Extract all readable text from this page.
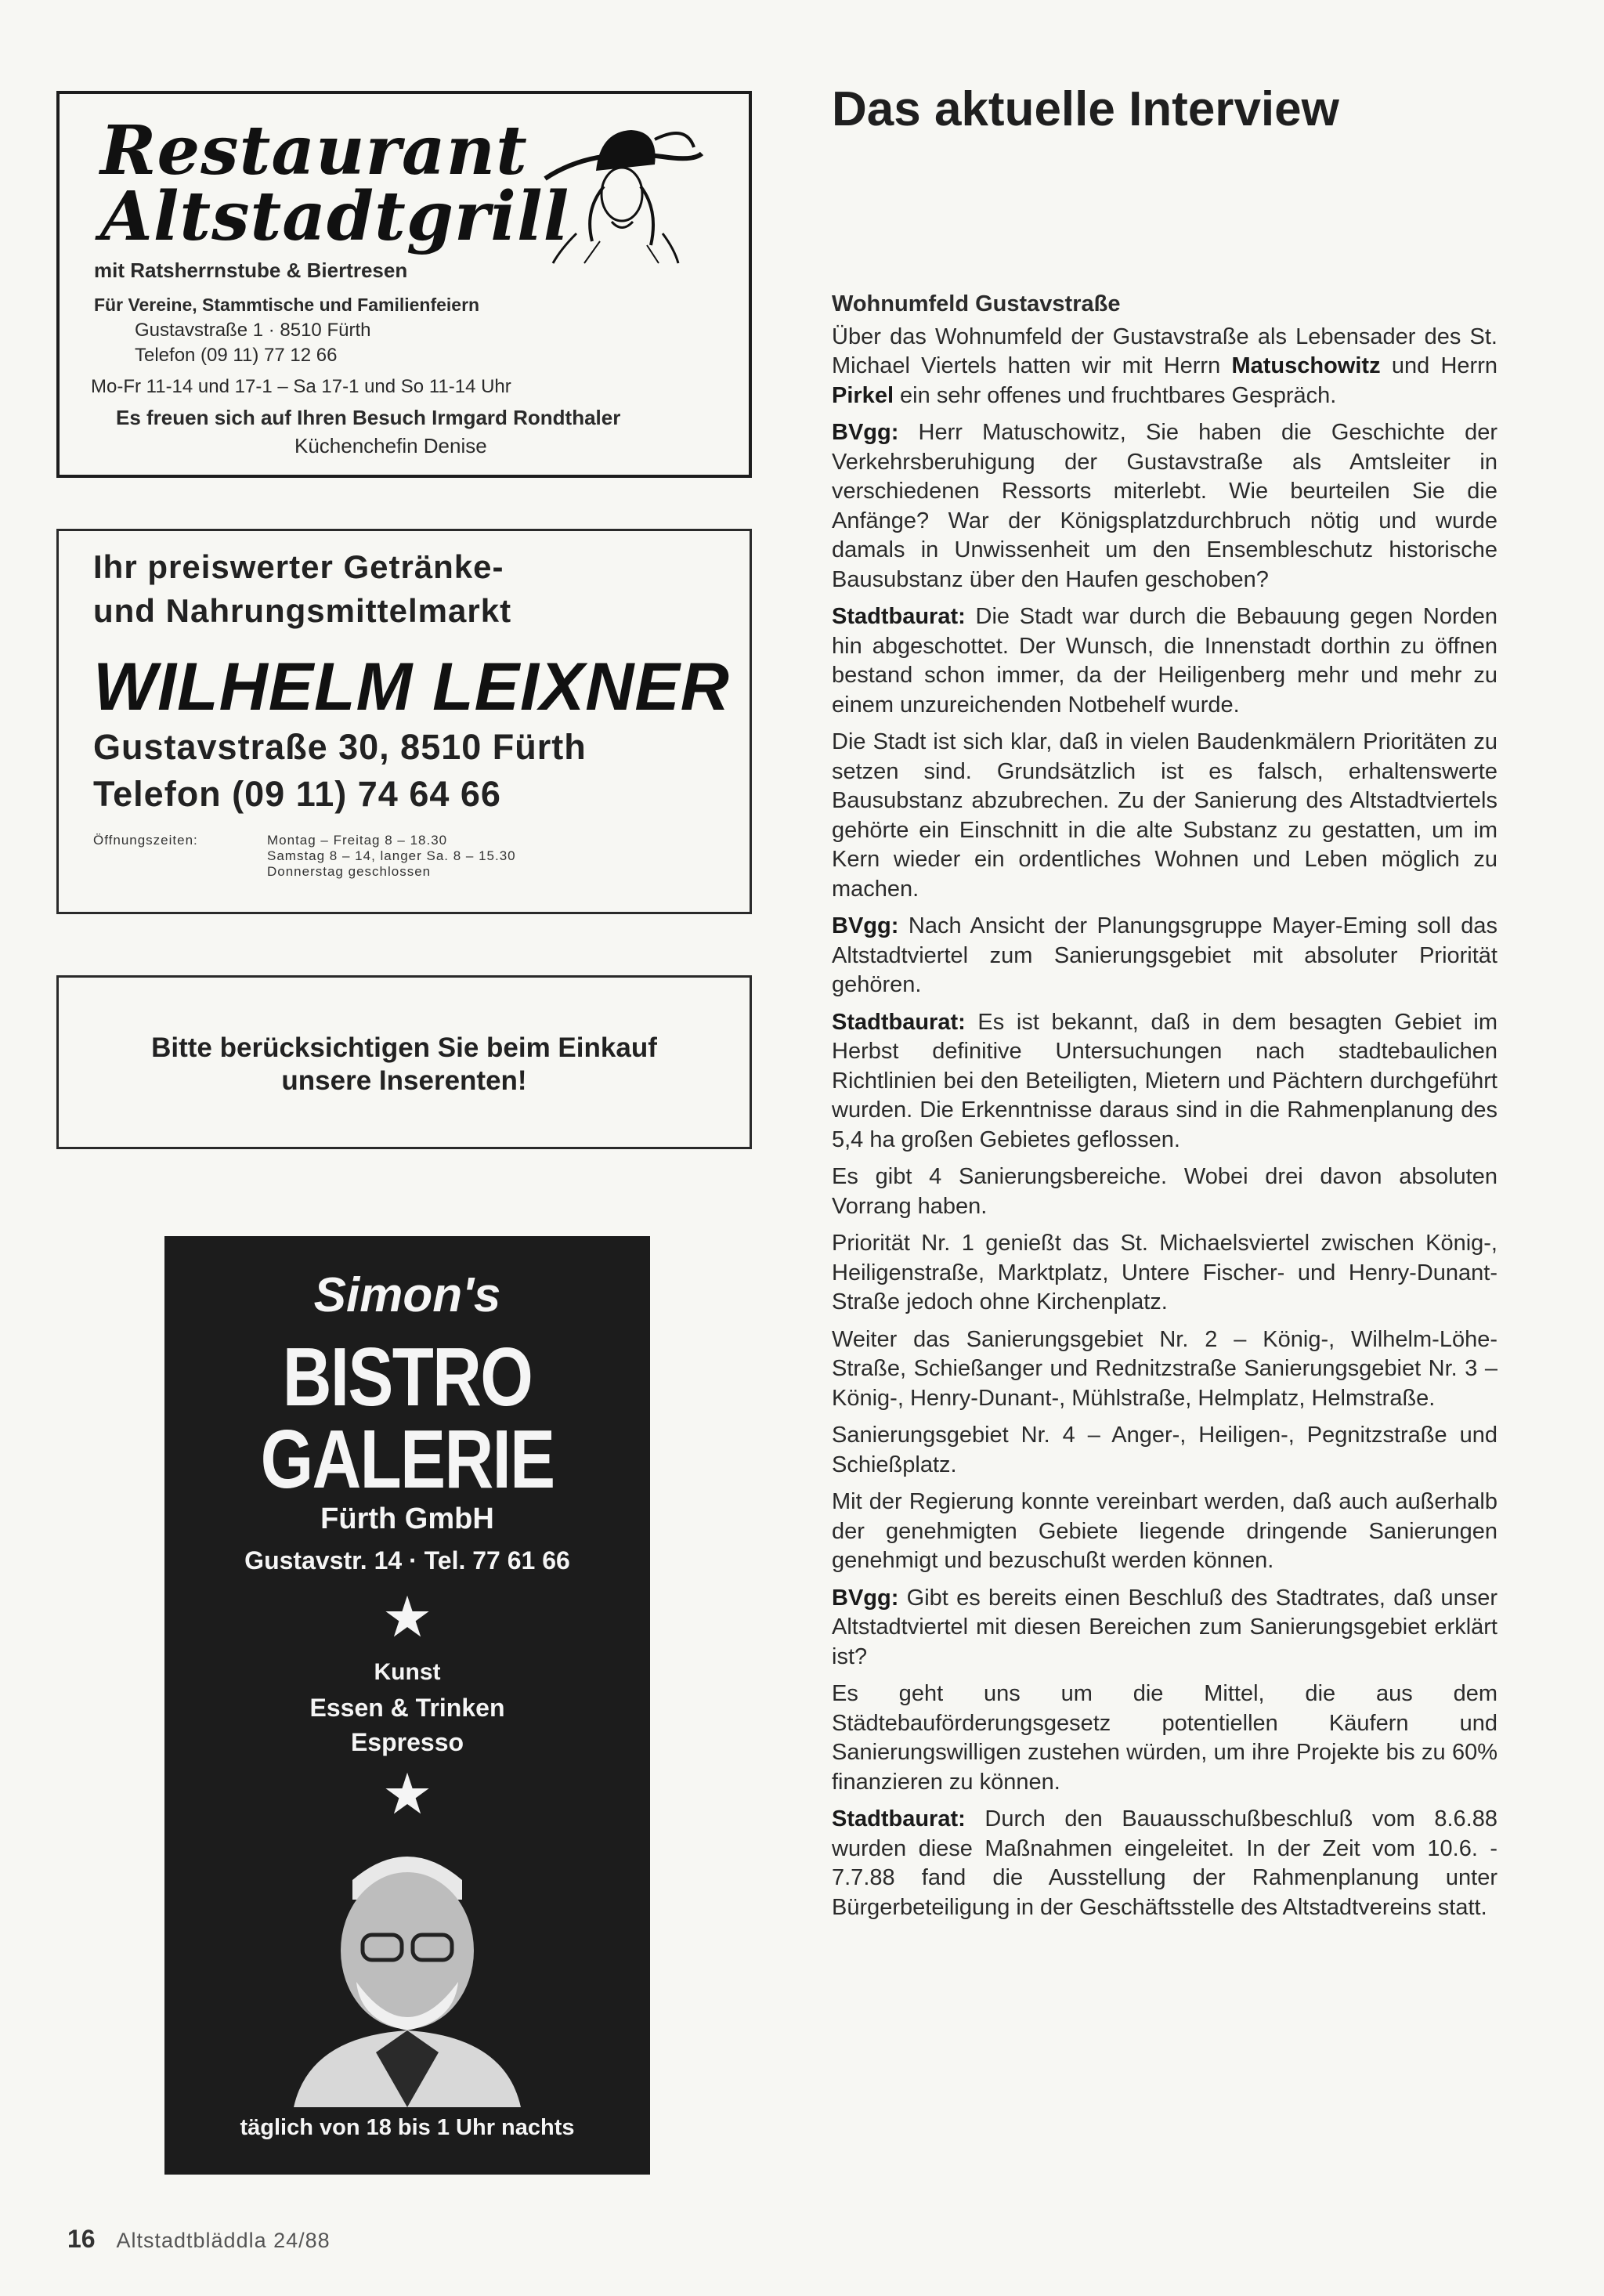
Restaurant
Altstadtgrill
mit Ratsherrnstube & Biertresen
Für Vereine, Stammtische und Familienfeiern
Gustavstraße 1 · 8510 Fürth
Telefon (09 11) 77 12 66
Mo-Fr 11-14 und 17-1 – Sa 17-1 und So 11-14 Uhr
Es freuen sich auf Ihren Besuch Irmgard Rondthaler
Küchenchefin Denise
Ihr preiswerter Getränke-
und Nahrungsmittelmarkt
WILHELM LEIXNER
Gustavstraße 30, 8510 Fürth
Telefon (09 11) 74 64 66
Öffnungszeiten:	Montag – Freitag 8 – 18.30
Samstag 8 – 14, langer Sa. 8 – 15.30
Donnerstag geschlossen
Bitte berücksichtigen Sie beim Einkauf
unsere Inserenten!
Simon's
BISTRO
GALERIE
Fürth GmbH
Gustavstr. 14 · Tel. 77 61 66
★
Kunst
Essen & Trinken
Espresso
★
täglich von 18 bis 1 Uhr nachts
Das aktuelle Interview

Wohnumfeld Gustavstraße

Über das Wohnumfeld der Gustavstraße als Lebensader des St. Michael Viertels hatten wir mit Herrn Matuschowitz und Herrn Pirkel ein sehr offenes und fruchtbares Gespräch.

BVgg: Herr Matuschowitz, Sie haben die Geschichte der Verkehrsberuhigung der Gustavstraße als Amtsleiter in verschiedenen Ressorts miterlebt. Wie beurteilen Sie die Anfänge? War der Königsplatzdurchbruch nötig und wurde damals in Unwissenheit um den Ensembleschutz historische Bausubstanz über den Haufen geschoben?

Stadtbaurat: Die Stadt war durch die Bebauung gegen Norden hin abgeschottet. Der Wunsch, die Innenstadt dorthin zu öffnen bestand schon immer, da der Heiligenberg mehr und mehr zu einem unzureichenden Notbehelf wurde.

Die Stadt ist sich klar, daß in vielen Baudenkmälern Prioritäten zu setzen sind. Grundsätzlich ist es falsch, erhaltenswerte Bausubstanz abzubrechen. Zu der Sanierung des Altstadtviertels gehörte ein Einschnitt in die alte Substanz zu gestatten, um im Kern wieder ein ordentliches Wohnen und Leben möglich zu machen.

BVgg: Nach Ansicht der Planungsgruppe Mayer-Eming soll das Altstadtviertel zum Sanierungsgebiet mit absoluter Priorität gehören.

Stadtbaurat: Es ist bekannt, daß in dem besagten Gebiet im Herbst definitive Untersuchungen nach stadtebaulichen Richtlinien bei den Beteiligten, Mietern und Pächtern durchgeführt wurden. Die Erkenntnisse daraus sind in die Rahmenplanung des 5,4 ha großen Gebietes geflossen.

Es gibt 4 Sanierungsbereiche. Wobei drei davon absoluten Vorrang haben.

Priorität Nr. 1 genießt das St. Michaelsviertel zwischen König-, Heiligenstraße, Marktplatz, Untere Fischer- und Henry-Dunant-Straße jedoch ohne Kirchenplatz.

Weiter das Sanierungsgebiet Nr. 2 – König-, Wilhelm-Löhe-Straße, Schießanger und Rednitzstraße Sanierungsgebiet Nr. 3 – König-, Henry-Dunant-, Mühlstraße, Helmplatz, Helmstraße.

Sanierungsgebiet Nr. 4 – Anger-, Heiligen-, Pegnitzstraße und Schießplatz.

Mit der Regierung konnte vereinbart werden, daß auch außerhalb der genehmigten Gebiete liegende dringende Sanierungen genehmigt und bezuschußt werden können.

BVgg: Gibt es bereits einen Beschluß des Stadtrates, daß unser Altstadtviertel mit diesen Bereichen zum Sanierungsgebiet erklärt ist?

Es geht uns um die Mittel, die aus dem Städtebauförderungsgesetz potentiellen Käufern und Sanierungswilligen zustehen würden, um ihre Projekte bis zu 60% finanzieren zu können.

Stadtbaurat: Durch den Bauausschußbeschluß vom 8.6.88 wurden diese Maßnahmen eingeleitet. In der Zeit vom 10.6. - 7.7.88 fand die Ausstellung der Rahmenplanung unter Bürgerbeteiligung in der Geschäftsstelle des Altstadtvereins statt.

16 Altstadtbläddla 24/88
